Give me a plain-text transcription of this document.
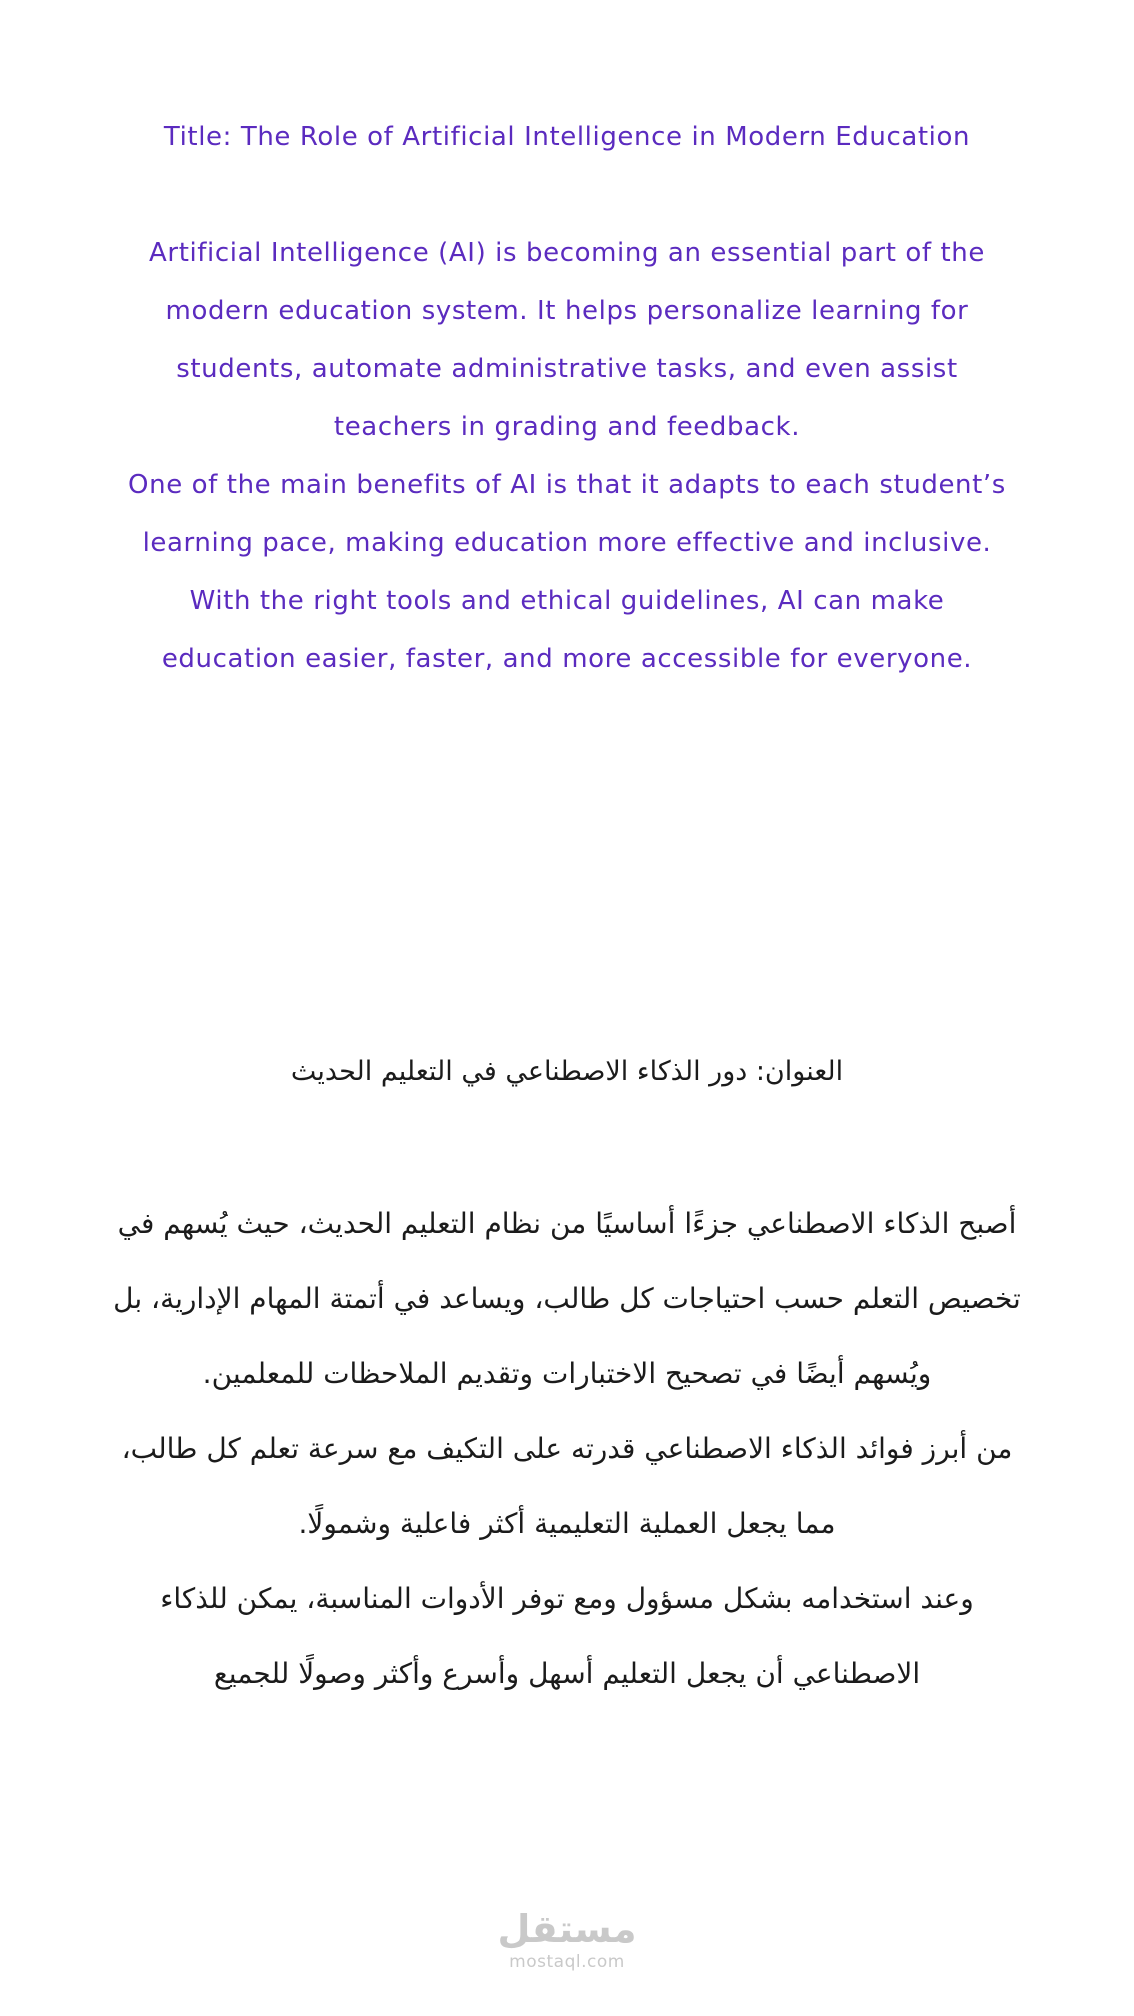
Title: The Role of Artificial Intelligence in Modern Education

Artificial Intelligence (AI) is becoming an essential part of the modern education system. It helps personalize learning for students, automate administrative tasks, and even assist teachers in grading and feedback.

One of the main benefits of AI is that it adapts to each student’s learning pace, making education more effective and inclusive.

With the right tools and ethical guidelines, AI can make education easier, faster, and more accessible for everyone.

العنوان: دور الذكاء الاصطناعي في التعليم الحديث

أصبح الذكاء الاصطناعي جزءًا أساسيًا من نظام التعليم الحديث، حيث يُسهم في تخصيص التعلم حسب احتياجات كل طالب، ويساعد في أتمتة المهام الإدارية، بل ويُسهم أيضًا في تصحيح الاختبارات وتقديم الملاحظات للمعلمين.

من أبرز فوائد الذكاء الاصطناعي قدرته على التكيف مع سرعة تعلم كل طالب، مما يجعل العملية التعليمية أكثر فاعلية وشمولًا.

وعند استخدامه بشكل مسؤول ومع توفر الأدوات المناسبة، يمكن للذكاء الاصطناعي أن يجعل التعليم أسهل وأسرع وأكثر وصولًا للجميع

مستقل
mostaql.com
